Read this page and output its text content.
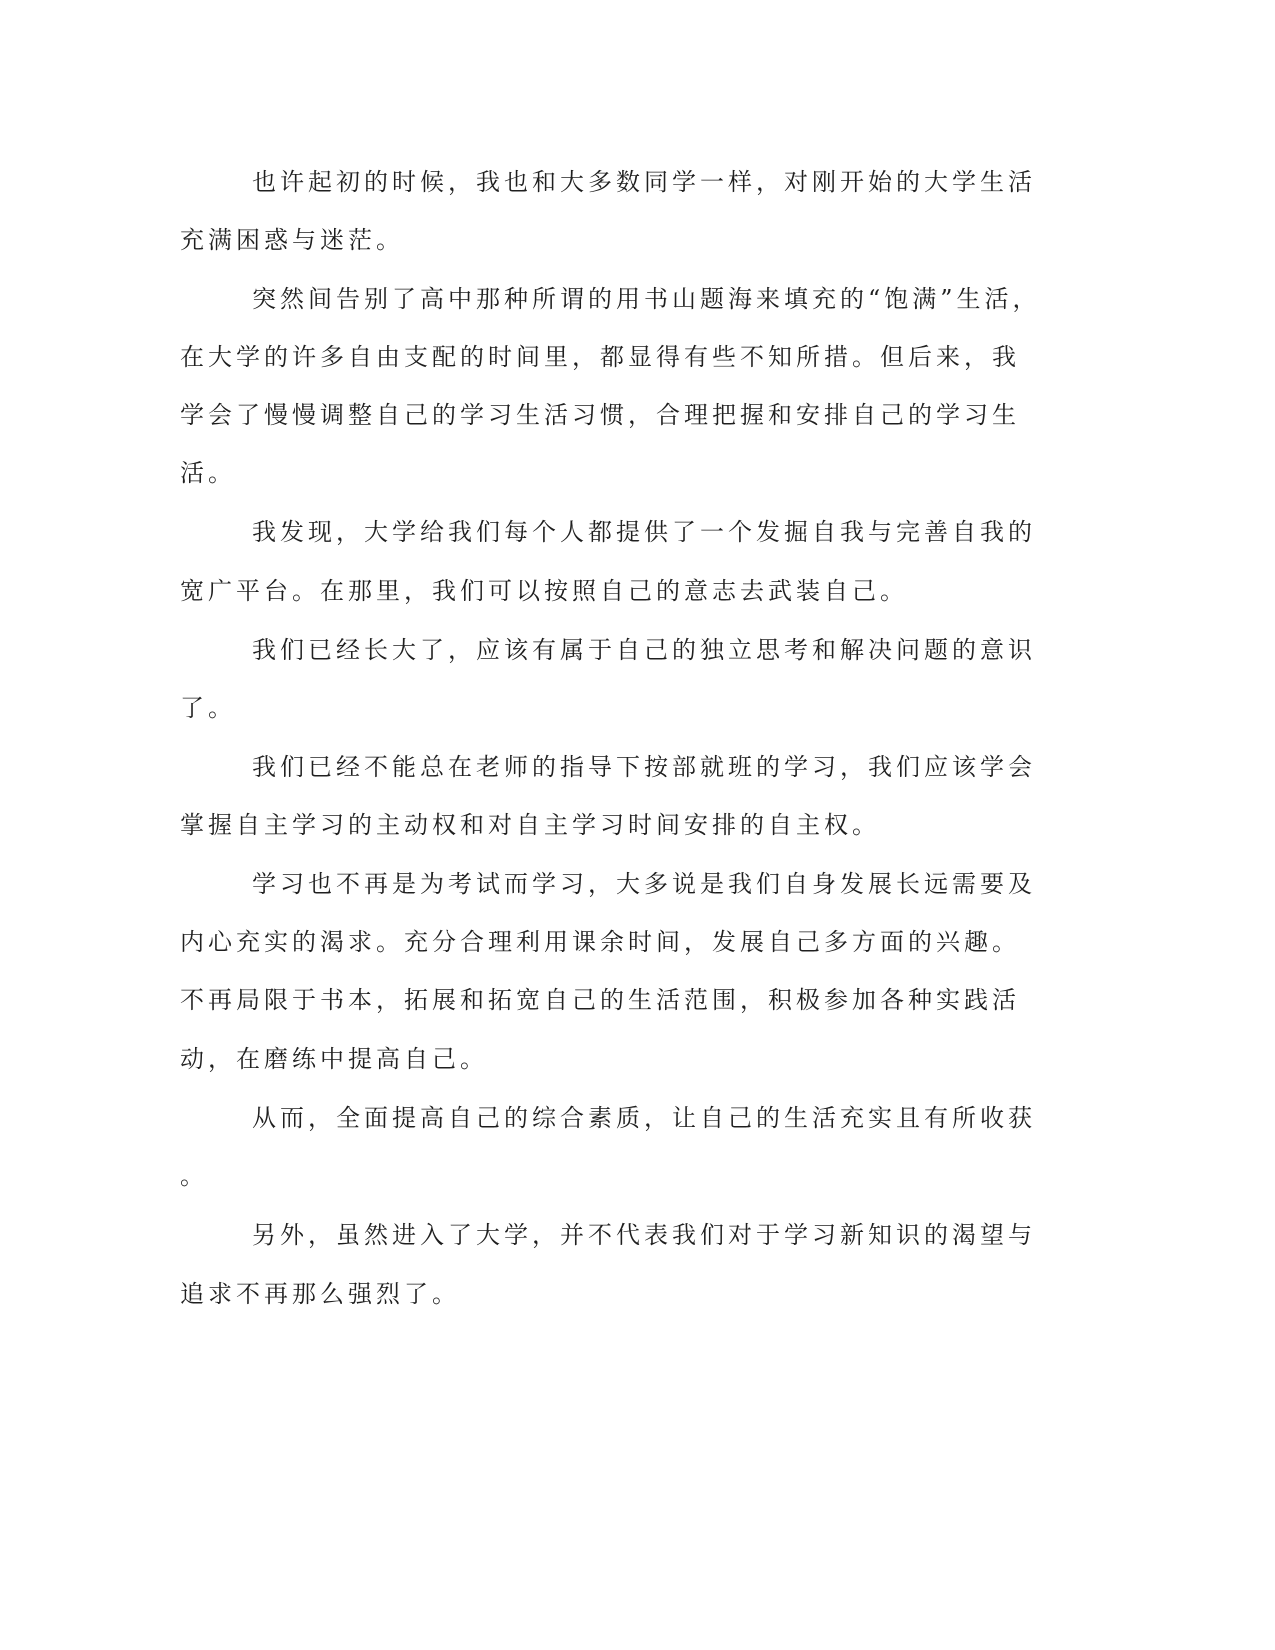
也许起初的时候，我也和大多数同学一样，对刚开始的大学生活
充满困惑与迷茫。
突然间告别了高中那种所谓的用书山题海来填充的“饱满”生活，
在大学的许多自由支配的时间里，都显得有些不知所措。但后来，我
学会了慢慢调整自己的学习生活习惯，合理把握和安排自己的学习生
活。
我发现，大学给我们每个人都提供了一个发掘自我与完善自我的
宽广平台。在那里，我们可以按照自己的意志去武装自己。
我们已经长大了，应该有属于自己的独立思考和解决问题的意识
了。
我们已经不能总在老师的指导下按部就班的学习，我们应该学会
掌握自主学习的主动权和对自主学习时间安排的自主权。
学习也不再是为考试而学习，大多说是我们自身发展长远需要及
内心充实的渴求。充分合理利用课余时间，发展自己多方面的兴趣。
不再局限于书本，拓展和拓宽自己的生活范围，积极参加各种实践活
动，在磨练中提高自己。
从而，全面提高自己的综合素质，让自己的生活充实且有所收获
。
另外，虽然进入了大学，并不代表我们对于学习新知识的渴望与
追求不再那么强烈了。
